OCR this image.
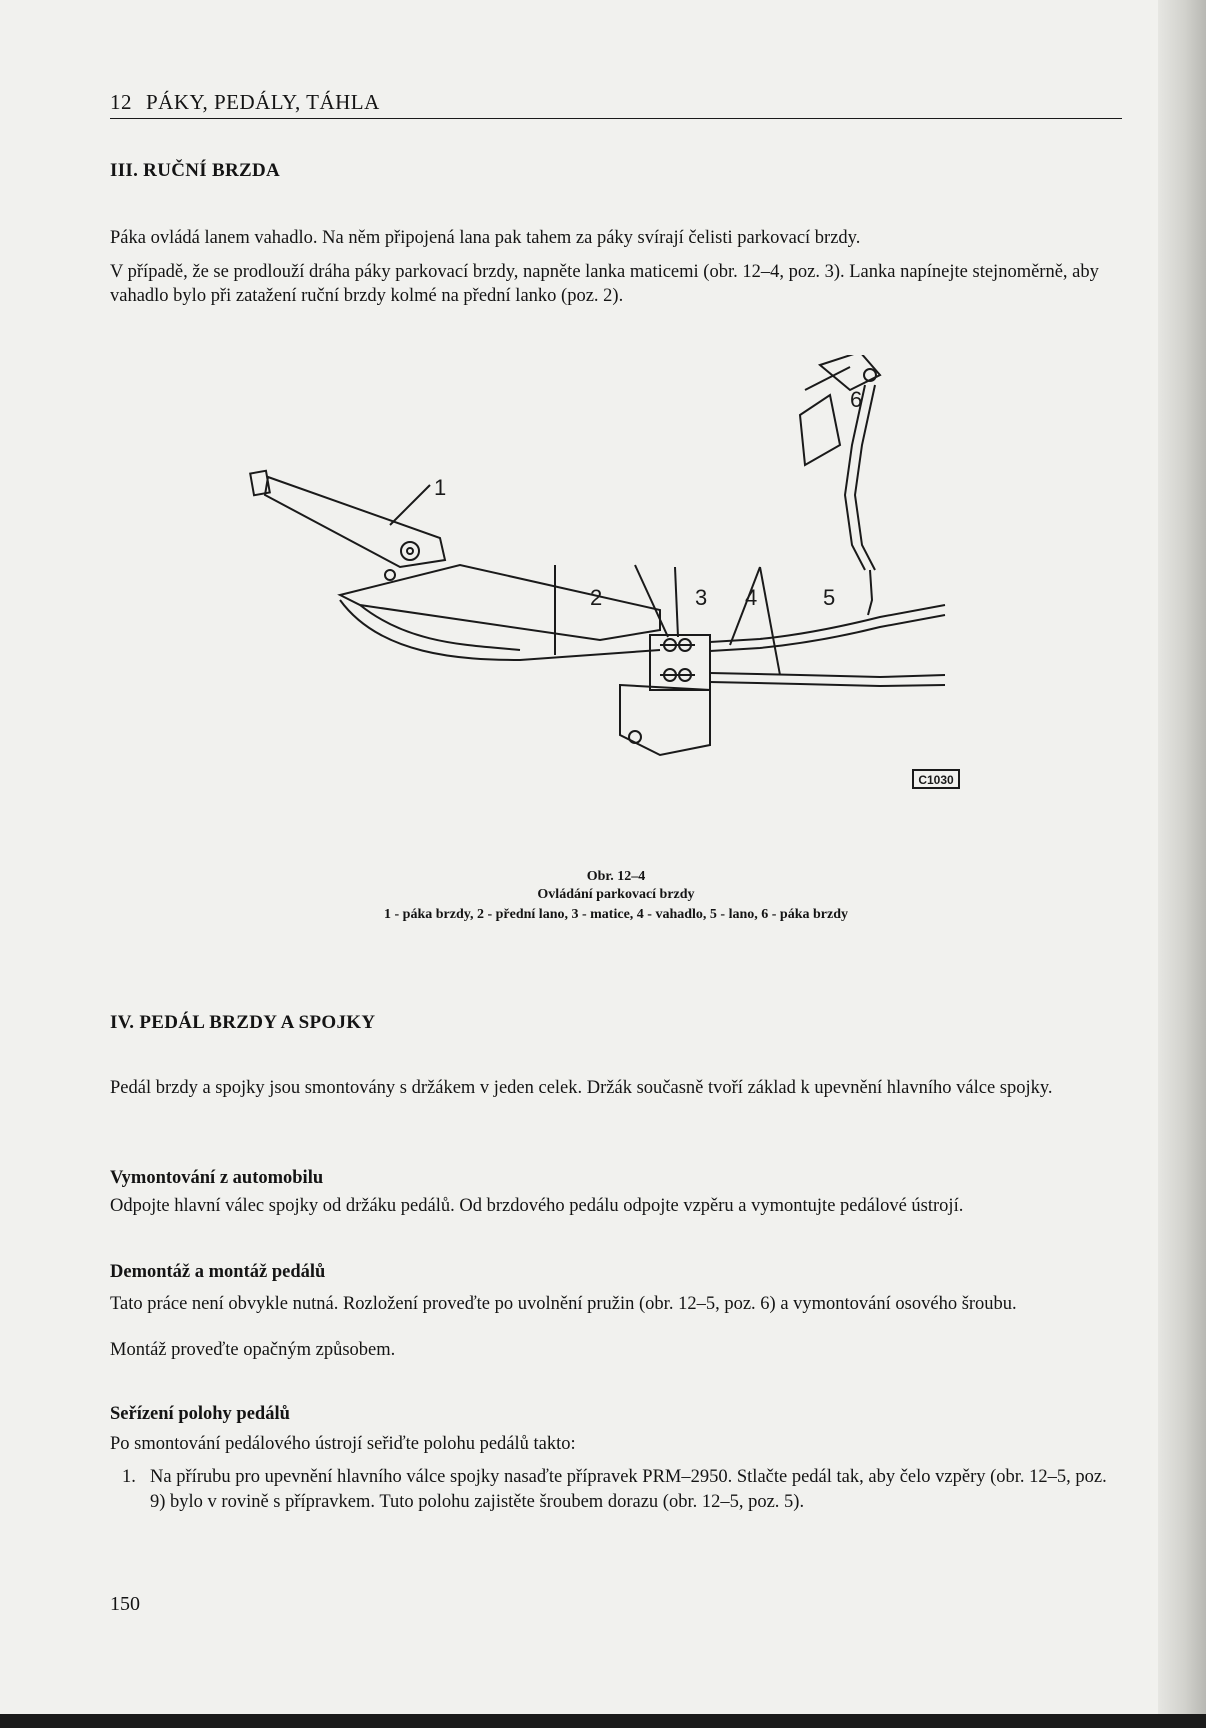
12 PÁKY, PEDÁLY, TÁHLA
III. RUČNÍ BRZDA
Páka ovládá lanem vahadlo. Na něm připojená lana pak tahem za páky svírají čelisti parkovací brzdy.
V případě, že se prodlouží dráha páky parkovací brzdy, napněte lanka maticemi (obr. 12–4, poz. 3). Lanka napínejte stejnoměrně, aby vahadlo bylo při zatažení ruční brzdy kolmé na přední lanko (poz. 2).
1
2	3 4	5
6
C1030
Obr. 12–4
Ovládání parkovací brzdy
1 - páka brzdy, 2 - přední lano, 3 - matice, 4 - vahadlo, 5 - lano, 6 - páka brzdy
IV. PEDÁL BRZDY A SPOJKY
Pedál brzdy a spojky jsou smontovány s držákem v jeden celek. Držák současně tvoří základ k upevnění hlavního válce spojky.
Vymontování z automobilu
Odpojte hlavní válec spojky od držáku pedálů. Od brzdového pedálu odpojte vzpěru a vymontujte pedálové ústrojí.
Demontáž a montáž pedálů
Tato práce není obvykle nutná. Rozložení proveďte po uvolnění pružin (obr. 12–5, poz. 6) a vymontování osového šroubu.
Montáž proveďte opačným způsobem.
Seřízení polohy pedálů
Po smontování pedálového ústrojí seřiďte polohu pedálů takto:
1. Na přírubu pro upevnění hlavního válce spojky nasaďte přípravek PRM–2950. Stlačte pedál tak, aby čelo vzpěry (obr. 12–5, poz. 9) bylo v rovině s přípravkem. Tuto polohu zajistěte šroubem dorazu (obr. 12–5, poz. 5).
150
